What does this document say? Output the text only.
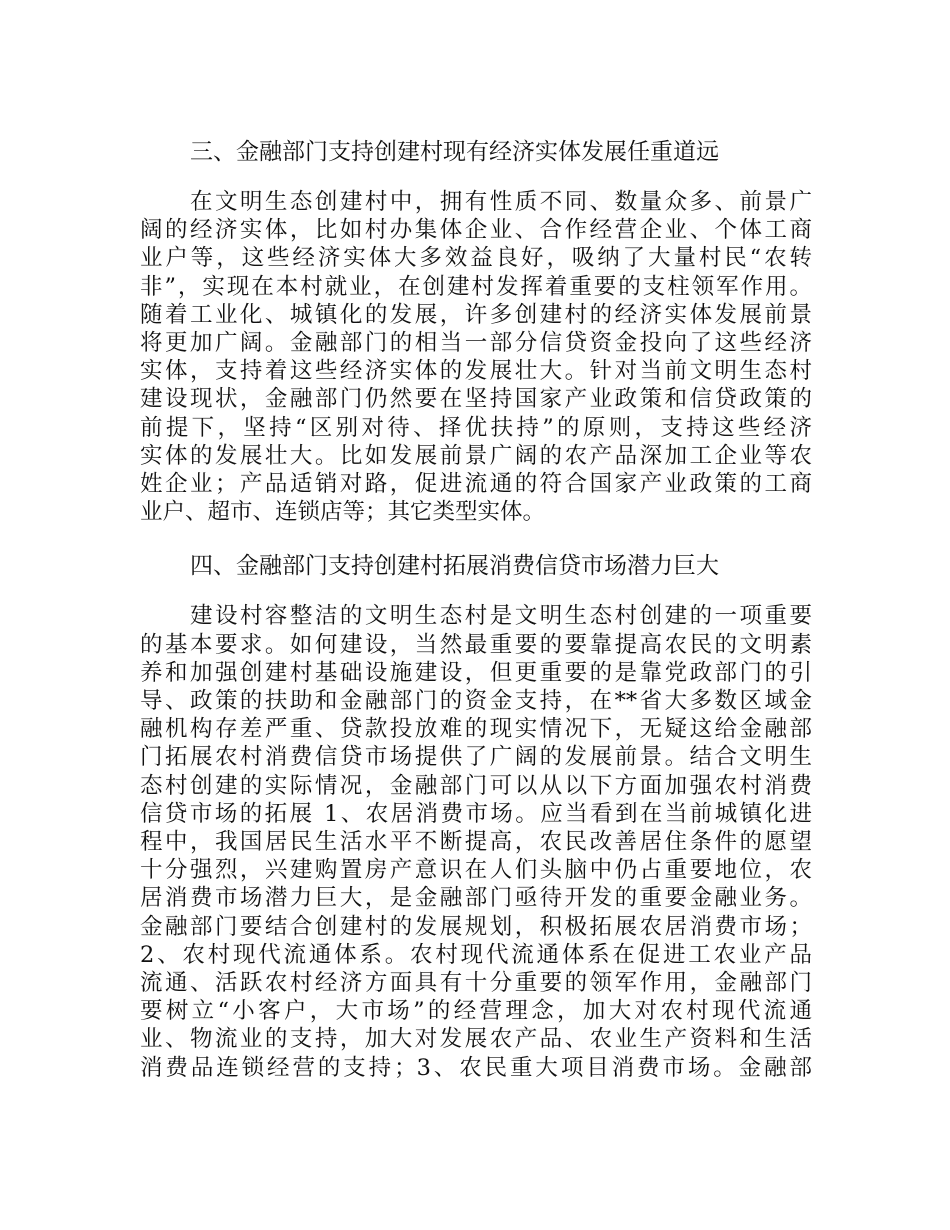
三、金融部门支持创建村现有经济实体发展任重道远
在文明生态创建村中，拥有性质不同、数量众多、前景广
阔的经济实体，比如村办集体企业、合作经营企业、个体工商
业户等，这些经济实体大多效益良好，吸纳了大量村民“农转
非”，实现在本村就业，在创建村发挥着重要的支柱领军作用。
随着工业化、城镇化的发展，许多创建村的经济实体发展前景
将更加广阔。金融部门的相当一部分信贷资金投向了这些经济
实体，支持着这些经济实体的发展壮大。针对当前文明生态村
建设现状，金融部门仍然要在坚持国家产业政策和信贷政策的
前提下，坚持“区别对待、择优扶持”的原则，支持这些经济
实体的发展壮大。比如发展前景广阔的农产品深加工企业等农
姓企业；产品适销对路，促进流通的符合国家产业政策的工商
业户、超市、连锁店等；其它类型实体。
四、金融部门支持创建村拓展消费信贷市场潜力巨大
建设村容整洁的文明生态村是文明生态村创建的一项重要
的基本要求。如何建设，当然最重要的要靠提高农民的文明素
养和加强创建村基础设施建设，但更重要的是靠党政部门的引
导、政策的扶助和金融部门的资金支持，在**省大多数区域金
融机构存差严重、贷款投放难的现实情况下，无疑这给金融部
门拓展农村消费信贷市场提供了广阔的发展前景。结合文明生
态村创建的实际情况，金融部门可以从以下方面加强农村消费
信贷市场的拓展 1、农居消费市场。应当看到在当前城镇化进
程中，我国居民生活水平不断提高，农民改善居住条件的愿望
十分强烈，兴建购置房产意识在人们头脑中仍占重要地位，农
居消费市场潜力巨大，是金融部门亟待开发的重要金融业务。
金融部门要结合创建村的发展规划，积极拓展农居消费市场；
2、农村现代流通体系。农村现代流通体系在促进工农业产品
流通、活跃农村经济方面具有十分重要的领军作用，金融部门
要树立“小客户，大市场”的经营理念，加大对农村现代流通
业、物流业的支持，加大对发展农产品、农业生产资料和生活
消费品连锁经营的支持；3、农民重大项目消费市场。金融部
